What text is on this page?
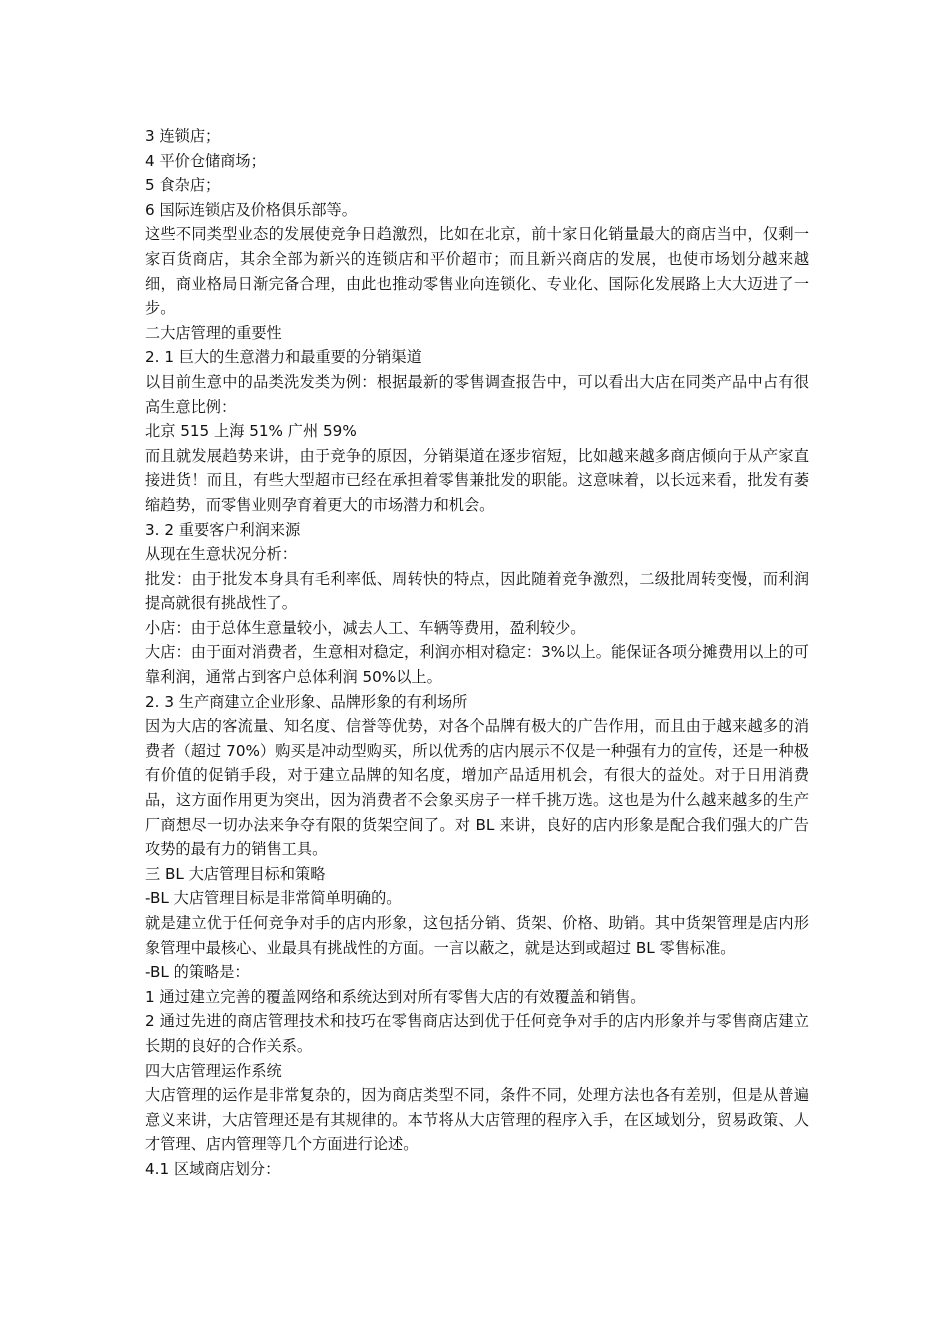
3 连锁店；

4 平价仓储商场；

5 食杂店；

6 国际连锁店及价格俱乐部等。

这些不同类型业态的发展使竞争日趋激烈，比如在北京，前十家日化销量最大的商店当中，仅剩一家百货商店，其余全部为新兴的连锁店和平价超市；而且新兴商店的发展，也使市场划分越来越细，商业格局日渐完备合理，由此也推动零售业向连锁化、专业化、国际化发展路上大大迈进了一步。

二大店管理的重要性

2. 1 巨大的生意潜力和最重要的分销渠道

以目前生意中的品类洗发类为例：根据最新的零售调查报告中，可以看出大店在同类产品中占有很高生意比例：

北京 515 上海 51% 广州 59%

而且就发展趋势来讲，由于竞争的原因，分销渠道在逐步宿短，比如越来越多商店倾向于从产家直接进货！而且，有些大型超市已经在承担着零售兼批发的职能。这意味着，以长远来看，批发有萎缩趋势，而零售业则孕育着更大的市场潜力和机会。

3. 2 重要客户利润来源

从现在生意状况分析：

批发：由于批发本身具有毛利率低、周转快的特点，因此随着竞争激烈，二级批周转变慢，而利润提高就很有挑战性了。

小店：由于总体生意量较小，减去人工、车辆等费用，盈利较少。

大店：由于面对消费者，生意相对稳定，利润亦相对稳定：3%以上。能保证各项分摊费用以上的可靠利润，通常占到客户总体利润 50%以上。

2. 3 生产商建立企业形象、品牌形象的有利场所

因为大店的客流量、知名度、信誉等优势，对各个品牌有极大的广告作用，而且由于越来越多的消费者（超过 70%）购买是冲动型购买，所以优秀的店内展示不仅是一种强有力的宣传，还是一种极有价值的促销手段，对于建立品牌的知名度，增加产品适用机会，有很大的益处。对于日用消费品，这方面作用更为突出，因为消费者不会象买房子一样千挑万选。这也是为什么越来越多的生产厂商想尽一切办法来争夺有限的货架空间了。对 BL 来讲，良好的店内形象是配合我们强大的广告攻势的最有力的销售工具。

三 BL 大店管理目标和策略

-BL 大店管理目标是非常简单明确的。

就是建立优于任何竞争对手的店内形象，这包括分销、货架、价格、助销。其中货架管理是店内形象管理中最核心、业最具有挑战性的方面。一言以蔽之，就是达到或超过 BL 零售标准。

-BL 的策略是：

1 通过建立完善的覆盖网络和系统达到对所有零售大店的有效覆盖和销售。

2 通过先进的商店管理技术和技巧在零售商店达到优于任何竞争对手的店内形象并与零售商店建立长期的良好的合作关系。

四大店管理运作系统

大店管理的运作是非常复杂的，因为商店类型不同，条件不同，处理方法也各有差别，但是从普遍意义来讲，大店管理还是有其规律的。本节将从大店管理的程序入手，在区域划分，贸易政策、人才管理、店内管理等几个方面进行论述。

4.1 区域商店划分：
